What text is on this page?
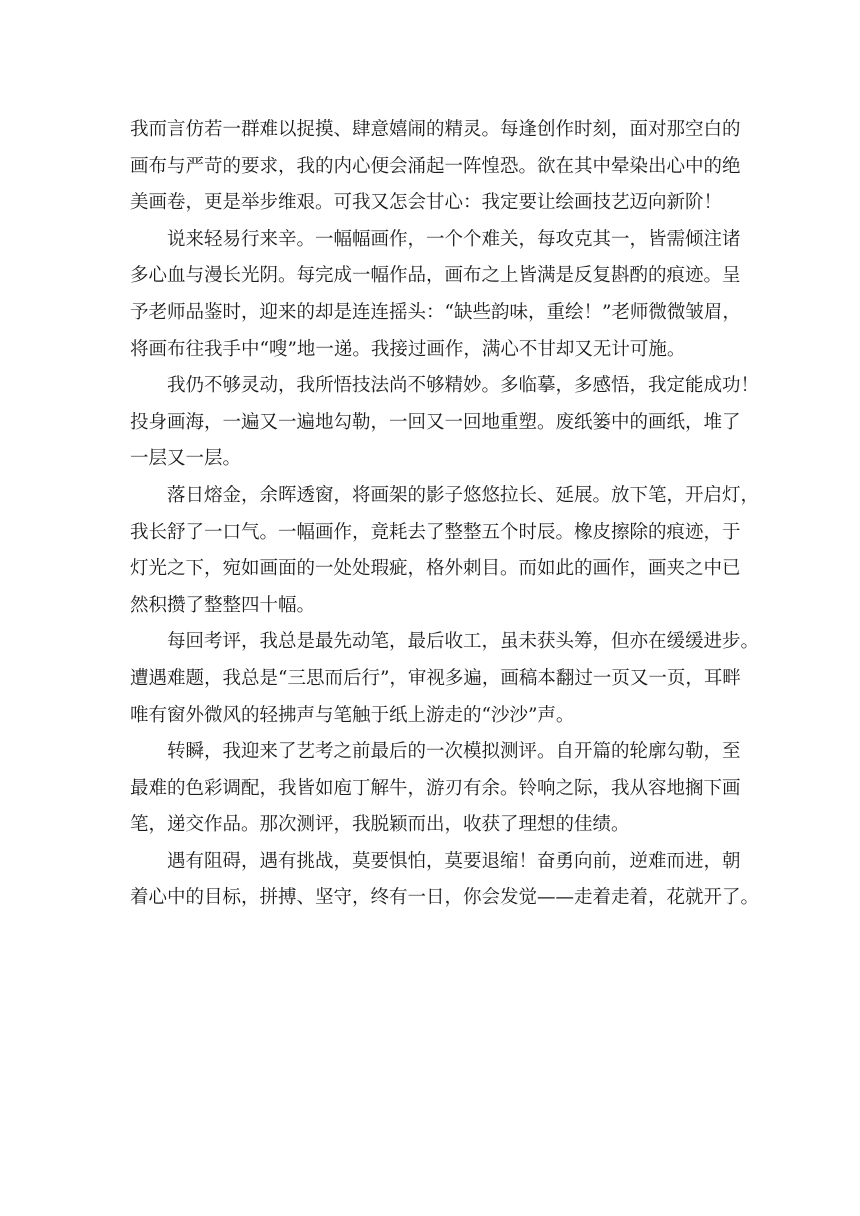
我而言仿若一群难以捉摸、肆意嬉闹的精灵。每逢创作时刻，面对那空白的
画布与严苛的要求，我的内心便会涌起一阵惶恐。欲在其中晕染出心中的绝
美画卷，更是举步维艰。可我又怎会甘心：我定要让绘画技艺迈向新阶！
说来轻易行来辛。一幅幅画作，一个个难关，每攻克其一，皆需倾注诸
多心血与漫长光阴。每完成一幅作品，画布之上皆满是反复斟酌的痕迹。呈
予老师品鉴时，迎来的却是连连摇头：“缺些韵味，重绘！”老师微微皱眉，
将画布往我手中“嗖”地一递。我接过画作，满心不甘却又无计可施。
我仍不够灵动，我所悟技法尚不够精妙。多临摹，多感悟，我定能成功！
投身画海，一遍又一遍地勾勒，一回又一回地重塑。废纸篓中的画纸，堆了
一层又一层。
落日熔金，余晖透窗，将画架的影子悠悠拉长、延展。放下笔，开启灯，
我长舒了一口气。一幅画作，竟耗去了整整五个时辰。橡皮擦除的痕迹，于
灯光之下，宛如画面的一处处瑕疵，格外刺目。而如此的画作，画夹之中已
然积攒了整整四十幅。
每回考评，我总是最先动笔，最后收工，虽未获头筹，但亦在缓缓进步。
遭遇难题，我总是“三思而后行”，审视多遍，画稿本翻过一页又一页，耳畔
唯有窗外微风的轻拂声与笔触于纸上游走的“沙沙”声。
转瞬，我迎来了艺考之前最后的一次模拟测评。自开篇的轮廓勾勒，至
最难的色彩调配，我皆如庖丁解牛，游刃有余。铃响之际，我从容地搁下画
笔，递交作品。那次测评，我脱颖而出，收获了理想的佳绩。
遇有阻碍，遇有挑战，莫要惧怕，莫要退缩！奋勇向前，逆难而进，朝
着心中的目标，拼搏、坚守，终有一日，你会发觉——走着走着，花就开了。
